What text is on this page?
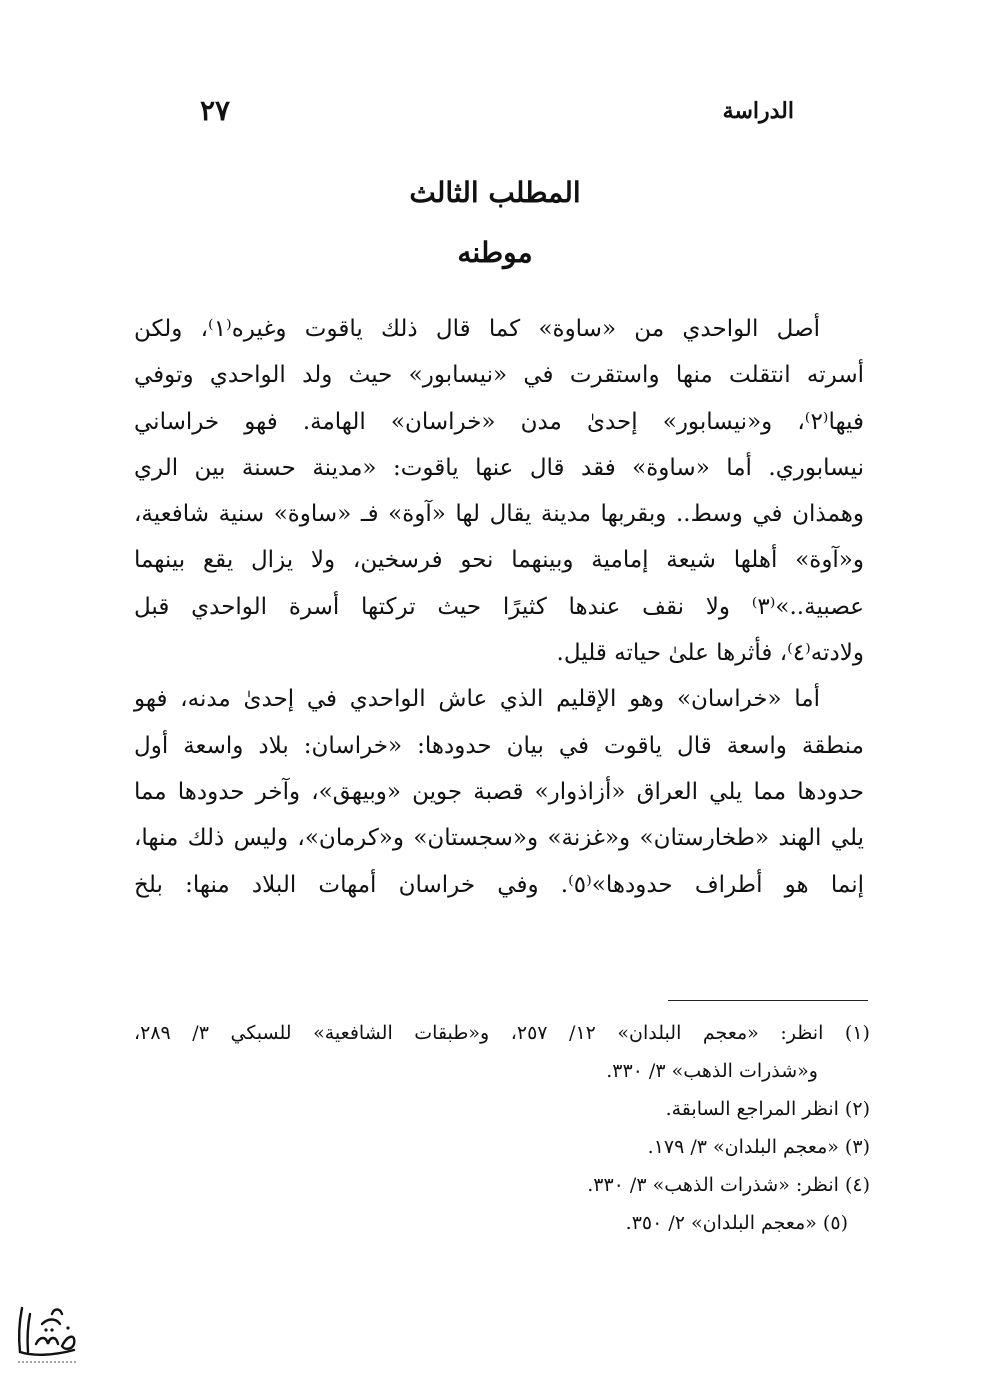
الدراسة
٢٧
المطلب الثالث
موطنه
أصل الواحدي من «ساوة» كما قال ذلك ياقوت وغيره⁽١⁾، ولكن
أسرته انتقلت منها واستقرت في «نيسابور» حيث ولد الواحدي وتوفي
فيها⁽٢⁾، و«نيسابور» إحدىٰ مدن «خراسان» الهامة. فهو خراساني
نيسابوري. أما «ساوة» فقد قال عنها ياقوت: «مدينة حسنة بين الري
وهمذان في وسط.. وبقربها مدينة يقال لها «آوة» فـ «ساوة» سنية شافعية،
و«آوة» أهلها شيعة إمامية وبينهما نحو فرسخين، ولا يزال يقع بينهما
عصبية..»⁽٣⁾ ولا نقف عندها كثيرًا حيث تركتها أسرة الواحدي قبل
ولادته⁽٤⁾، فأثرها علىٰ حياته قليل.
أما «خراسان» وهو الإقليم الذي عاش الواحدي في إحدىٰ مدنه، فهو
منطقة واسعة قال ياقوت في بيان حدودها: «خراسان: بلاد واسعة أول
حدودها مما يلي العراق «أزاذوار» قصبة جوين «وبيهق»، وآخر حدودها مما
يلي الهند «طخارستان» و«غزنة» و«سجستان» و«كرمان»، وليس ذلك منها،
إنما هو أطراف حدودها»⁽٥⁾. وفي خراسان أمهات البلاد منها: بلخ
(١) انظر: «معجم البلدان» ١٢/ ٢٥٧، و«طبقات الشافعية» للسبكي ٣/ ٢٨٩،
و«شذرات الذهب» ٣/ ٣٣٠.
(٢) انظر المراجع السابقة.
(٣) «معجم البلدان» ٣/ ١٧٩.
(٤) انظر: «شذرات الذهب» ٣/ ٣٣٠.
(٥) «معجم البلدان» ٢/ ٣٥٠.
